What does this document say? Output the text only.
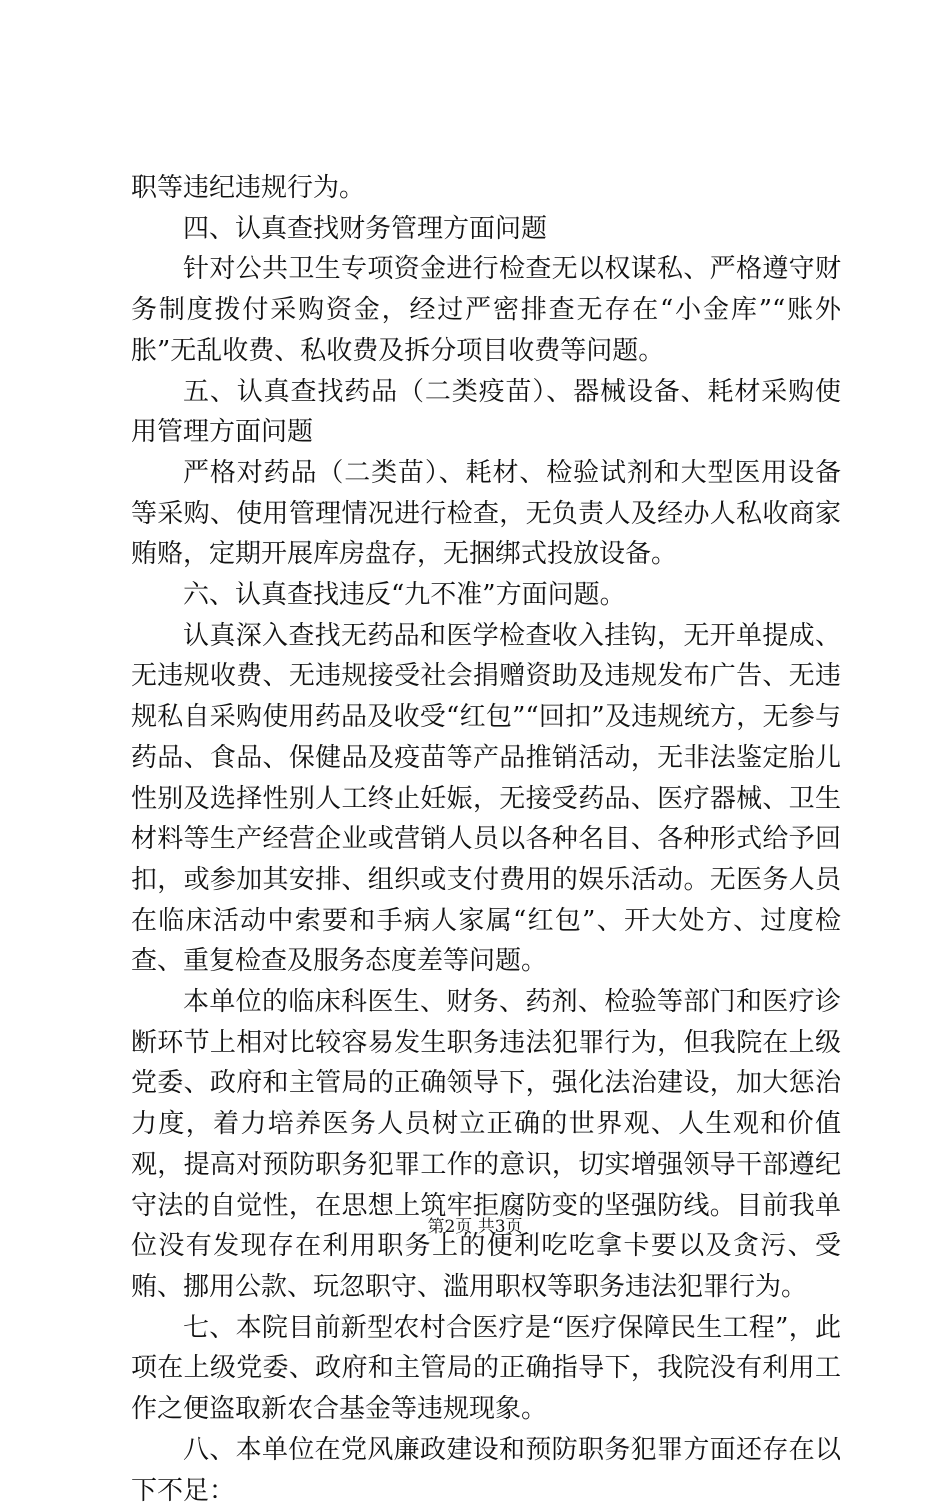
职等违纪违规行为。

四、认真查找财务管理方面问题

针对公共卫生专项资金进行检查无以权谋私、严格遵守财务制度拨付采购资金，经过严密排查无存在“小金库”“账外胀”无乱收费、私收费及拆分项目收费等问题。

五、认真查找药品（二类疫苗）、器械设备、耗材采购使用管理方面问题

严格对药品（二类苗）、耗材、检验试剂和大型医用设备等采购、使用管理情况进行检查，无负责人及经办人私收商家贿赂，定期开展库房盘存，无捆绑式投放设备。

六、认真查找违反“九不准”方面问题。

认真深入查找无药品和医学检查收入挂钩，无开单提成、无违规收费、无违规接受社会捐赠资助及违规发布广告、无违规私自采购使用药品及收受“红包”“回扣”及违规统方，无参与药品、食品、保健品及疫苗等产品推销活动，无非法鉴定胎儿性别及选择性别人工终止妊娠，无接受药品、医疗器械、卫生材料等生产经营企业或营销人员以各种名目、各种形式给予回扣，或参加其安排、组织或支付费用的娱乐活动。无医务人员在临床活动中索要和手病人家属“红包”、开大处方、过度检查、重复检查及服务态度差等问题。

本单位的临床科医生、财务、药剂、检验等部门和医疗诊断环节上相对比较容易发生职务违法犯罪行为，但我院在上级党委、政府和主管局的正确领导下，强化法治建设，加大惩治力度，着力培养医务人员树立正确的世界观、人生观和价值观，提高对预防职务犯罪工作的意识，切实增强领导干部遵纪守法的自觉性，在思想上筑牢拒腐防变的坚强防线。目前我单位没有发现存在利用职务上的便利吃吃拿卡要以及贪污、受贿、挪用公款、玩忽职守、滥用职权等职务违法犯罪行为。

七、本院目前新型农村合医疗是“医疗保障民生工程”，此项在上级党委、政府和主管局的正确指导下，我院没有利用工作之便盗取新农合基金等违规现象。

八、本单位在党风廉政建设和预防职务犯罪方面还存在以下不足：

第2页 共3页
